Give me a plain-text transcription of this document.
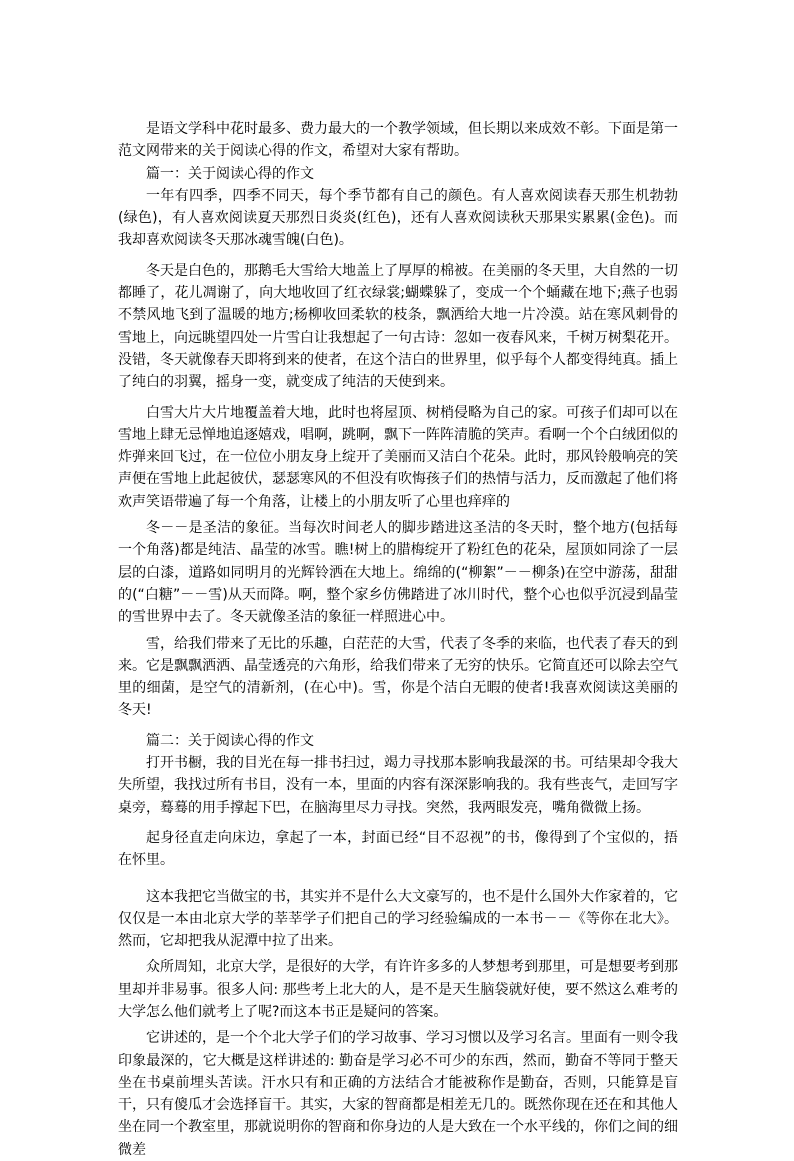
是语文学科中花时最多、费力最大的一个教学领域，但长期以来成效不彰。下面是第一范文网带来的关于阅读心得的作文，希望对大家有帮助。

篇一：关于阅读心得的作文

一年有四季，四季不同天，每个季节都有自己的颜色。有人喜欢阅读春天那生机勃勃(绿色)，有人喜欢阅读夏天那烈日炎炎(红色)，还有人喜欢阅读秋天那果实累累(金色)。而我却喜欢阅读冬天那冰魂雪魄(白色)。

冬天是白色的，那鹅毛大雪给大地盖上了厚厚的棉被。在美丽的冬天里，大自然的一切都睡了，花儿凋谢了，向大地收回了红衣绿裳;蝴蝶躲了，变成一个个蛹藏在地下;燕子也弱不禁风地飞到了温暖的地方;杨柳收回柔软的枝条，飘洒给大地一片冷漠。站在寒风刺骨的雪地上，向远眺望四处一片雪白让我想起了一句古诗：忽如一夜春风来，千树万树梨花开。没错，冬天就像春天即将到来的使者，在这个洁白的世界里，似乎每个人都变得纯真。插上了纯白的羽翼，摇身一变，就变成了纯洁的天使到来。

白雪大片大片地覆盖着大地，此时也将屋顶、树梢侵略为自己的家。可孩子们却可以在雪地上肆无忌惮地追逐嬉戏，唱啊，跳啊，飘下一阵阵清脆的笑声。看啊一个个白绒团似的炸弹来回飞过，在一位位小朋友身上绽开了美丽而又洁白个花朵。此时，那风铃般响亮的笑声便在雪地上此起彼伏，瑟瑟寒风的不但没有吹悔孩子们的热情与活力，反而激起了他们将欢声笑语带遍了每一个角落，让楼上的小朋友听了心里也痒痒的

冬－－是圣洁的象征。当每次时间老人的脚步踏进这圣洁的冬天时，整个地方(包括每一个角落)都是纯洁、晶莹的冰雪。瞧!树上的腊梅绽开了粉红色的花朵，屋顶如同涂了一层层的白漆，道路如同明月的光辉铃洒在大地上。绵绵的(“柳絮”－－柳条)在空中游荡，甜甜的(“白糖”－－雪)从天而降。啊，整个家乡仿佛踏进了冰川时代，整个心也似乎沉浸到晶莹的雪世界中去了。冬天就像圣洁的象征一样照进心中。

雪，给我们带来了无比的乐趣，白茫茫的大雪，代表了冬季的来临，也代表了春天的到来。它是飘飘洒洒、晶莹透亮的六角形，给我们带来了无穷的快乐。它简直还可以除去空气里的细菌，是空气的清新剂，(在心中)。雪，你是个洁白无暇的使者!我喜欢阅读这美丽的冬天!

篇二：关于阅读心得的作文

打开书橱，我的目光在每一排书扫过，竭力寻找那本影响我最深的书。可结果却令我大失所望，我找过所有书目，没有一本，里面的内容有深深影响我的。我有些丧气，走回写字桌旁，蓦蓦的用手撑起下巴，在脑海里尽力寻找。突然，我两眼发亮，嘴角微微上扬。

起身径直走向床边，拿起了一本，封面已经“目不忍视”的书，像得到了个宝似的，捂在怀里。

这本我把它当做宝的书，其实并不是什么大文豪写的，也不是什么国外大作家着的，它仅仅是一本由北京大学的莘莘学子们把自己的学习经验编成的一本书－－《等你在北大》。然而，它却把我从泥潭中拉了出来。

众所周知，北京大学，是很好的大学，有许许多多的人梦想考到那里，可是想要考到那里却并非易事。很多人问: 那些考上北大的人，是不是天生脑袋就好使，要不然这么难考的大学怎么他们就考上了呢?而这本书正是疑问的答案。

它讲述的，是一个个北大学子们的学习故事、学习习惯以及学习名言。里面有一则令我印象最深的，它大概是这样讲述的: 勤奋是学习必不可少的东西，然而，勤奋不等同于整天坐在书桌前埋头苦读。汗水只有和正确的方法结合才能被称作是勤奋，否则，只能算是盲干，只有傻瓜才会选择盲干。其实，大家的智商都是相差无几的。既然你现在还在和其他人坐在同一个教室里，那就说明你的智商和你身边的人是大致在一个水平线的，你们之间的细微差
